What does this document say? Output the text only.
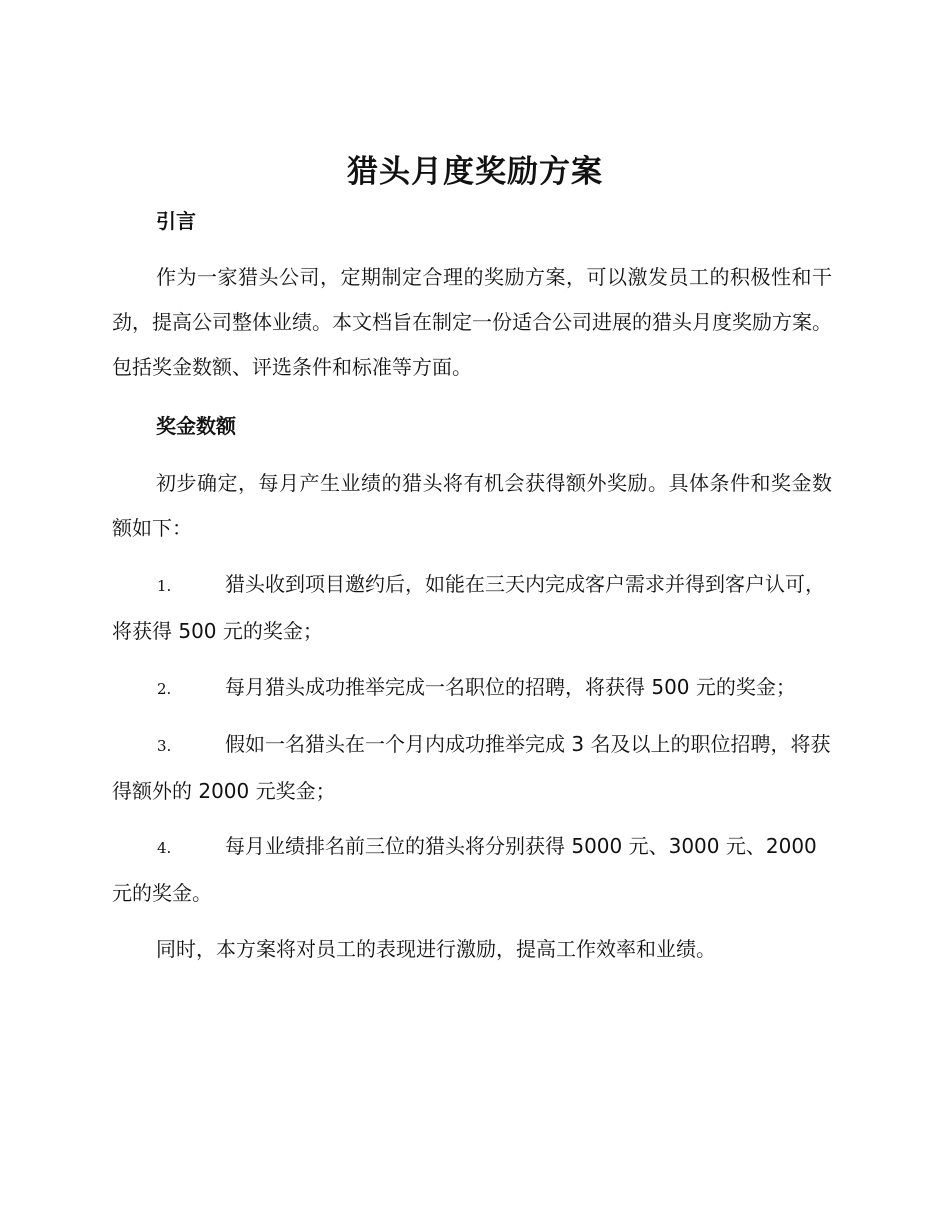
猎头月度奖励方案
引言
作为一家猎头公司，定期制定合理的奖励方案，可以激发员工的积极性和干劲，提高公司整体业绩。本文档旨在制定一份适合公司进展的猎头月度奖励方案。包括奖金数额、评选条件和标准等方面。
奖金数额
初步确定，每月产生业绩的猎头将有机会获得额外奖励。具体条件和奖金数额如下：
1.	猎头收到项目邀约后，如能在三天内完成客户需求并得到客户认可，将获得 500 元的奖金；
2.	每月猎头成功推举完成一名职位的招聘，将获得 500 元的奖金；
3.	假如一名猎头在一个月内成功推举完成 3 名及以上的职位招聘，将获得额外的 2000 元奖金；
4.	每月业绩排名前三位的猎头将分别获得 5000 元、3000 元、2000 元的奖金。
同时，本方案将对员工的表现进行激励，提高工作效率和业绩。
